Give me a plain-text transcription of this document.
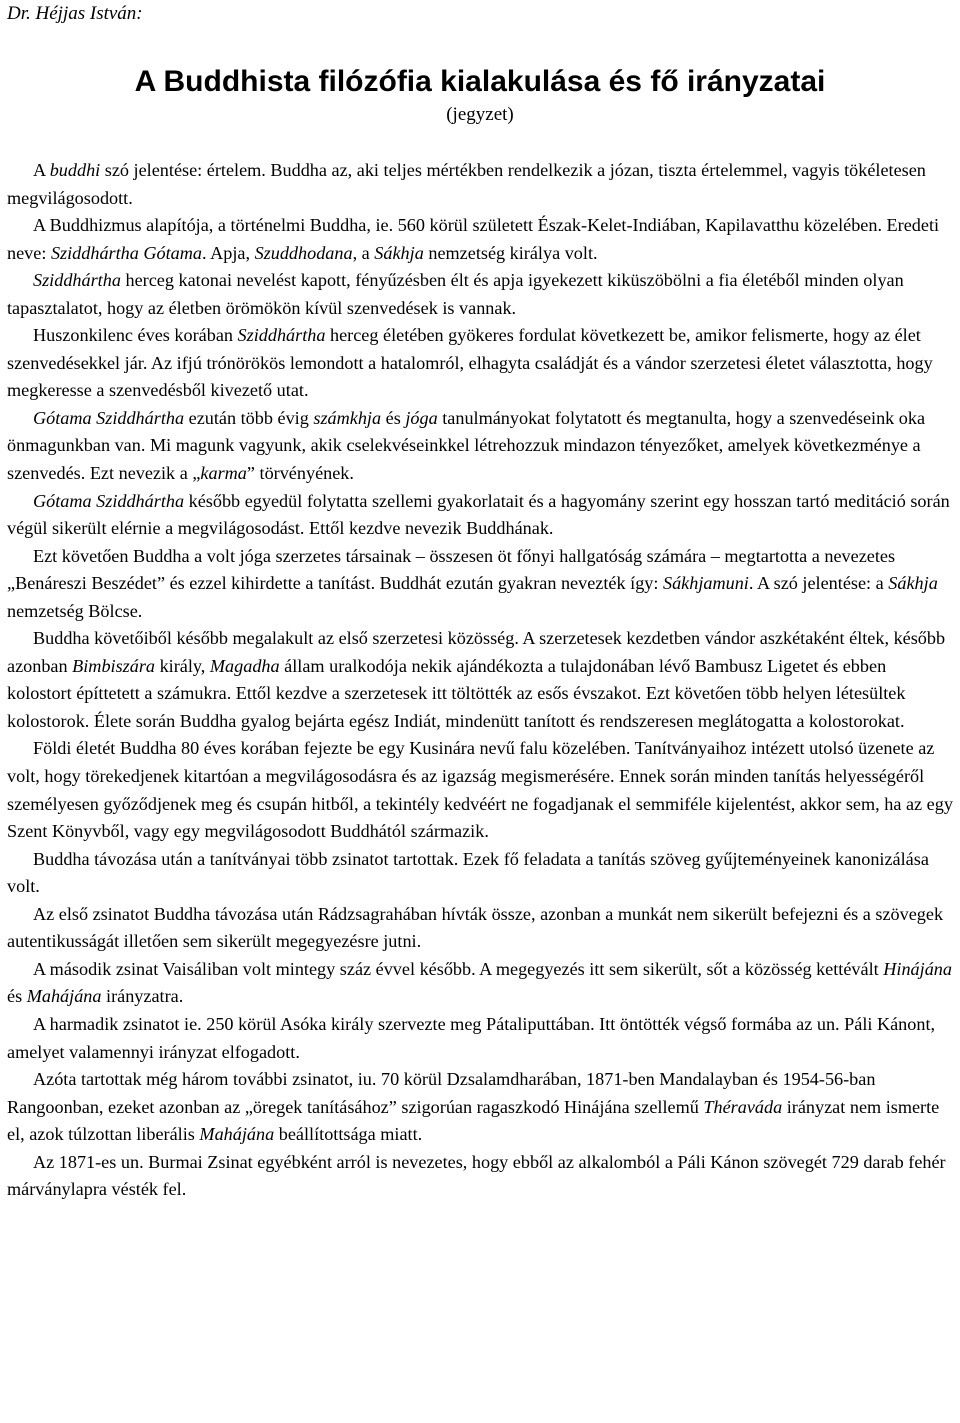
Dr. Héjjas István:
A Buddhista filózófia kialakulása és fő irányzatai
(jegyzet)

A buddhi szó jelentése: értelem. Buddha az, aki teljes mértékben rendelkezik a józan, tiszta értelemmel, vagyis tökéletesen megvilágosodott.

A Buddhizmus alapítója, a történelmi Buddha, ie. 560 körül született Észak-Kelet-Indiában, Kapilavatthu közelében. Eredeti neve: Sziddhártha Gótama. Apja, Szuddhodana, a Sákhja nemzetség királya volt.

Sziddhártha herceg katonai nevelést kapott, fényűzésben élt és apja igyekezett kiküszöbölni a fia életéből minden olyan tapasztalatot, hogy az életben örömökön kívül szenvedések is vannak.

Huszonkilenc éves korában Sziddhártha herceg életében gyökeres fordulat következett be, amikor felismerte, hogy az élet szenvedésekkel jár. Az ifjú trónörökös lemondott a hatalomról, elhagyta családját és a vándor szerzetesi életet választotta, hogy megkeresse a szenvedésből kivezető utat.

Gótama Sziddhártha ezután több évig számkhja és jóga tanulmányokat folytatott és megtanulta, hogy a szenvedéseink oka önmagunkban van. Mi magunk vagyunk, akik cselekvéseinkkel létrehozzuk mindazon tényezőket, amelyek következménye a szenvedés. Ezt nevezik a „karma” törvényének.

Gótama Sziddhártha később egyedül folytatta szellemi gyakorlatait és a hagyomány szerint egy hosszan tartó meditáció során végül sikerült elérnie a megvilágosodást. Ettől kezdve nevezik Buddhának.

Ezt követően Buddha a volt jóga szerzetes társainak – összesen öt főnyi hallgatóság számára – megtartotta a nevezetes „Benáreszi Beszédet” és ezzel kihirdette a tanítást. Buddhát ezután gyakran nevezték így: Sákhjamuni. A szó jelentése: a Sákhja nemzetség Bölcse.

Buddha követőiből később megalakult az első szerzetesi közösség. A szerzetesek kezdetben vándor aszkétaként éltek, később azonban Bimbiszára király, Magadha állam uralkodója nekik ajándékozta a tulajdonában lévő Bambusz Ligetet és ebben kolostort építtetett a számukra. Ettől kezdve a szerzetesek itt töltötték az esős évszakot. Ezt követően több helyen létesültek kolostorok. Élete során Buddha gyalog bejárta egész Indiát, mindenütt tanított és rendszeresen meglátogatta a kolostorokat.

Földi életét Buddha 80 éves korában fejezte be egy Kusinára nevű falu közelében. Tanítványaihoz intézett utolsó üzenete az volt, hogy törekedjenek kitartóan a megvilágosodásra és az igazság megismerésére. Ennek során minden tanítás helyességéről személyesen győződjenek meg és csupán hitből, a tekintély kedvéért ne fogadjanak el semmiféle kijelentést, akkor sem, ha az egy Szent Könyvből, vagy egy megvilágosodott Buddhától származik.

Buddha távozása után a tanítványai több zsinatot tartottak. Ezek fő feladata a tanítás szöveg gyűjteményeinek kanonizálása volt.

Az első zsinatot Buddha távozása után Rádzsagrahában hívták össze, azonban a munkát nem sikerült befejezni és a szövegek autentikusságát illetően sem sikerült megegyezésre jutni.

A második zsinat Vaisáliban volt mintegy száz évvel később. A megegyezés itt sem sikerült, sőt a közösség kettévált Hinájána és Mahájána irányzatra.

A harmadik zsinatot ie. 250 körül Asóka király szervezte meg Pátaliputtában. Itt öntötték végső formába az un. Páli Kánont, amelyet valamennyi irányzat elfogadott.

Azóta tartottak még három további zsinatot, iu. 70 körül Dzsalamdharában, 1871-ben Mandalayban és 1954-56-ban Rangoonban, ezeket azonban az „öregek tanításához” szigorúan ragaszkodó Hinájána szellemű Théraváda irányzat nem ismerte el, azok túlzottan liberális Mahájána beállítottsága miatt.

Az 1871-es un. Burmai Zsinat egyébként arról is nevezetes, hogy ebből az alkalomból a Páli Kánon szövegét 729 darab fehér márványlapra vésték fel.
